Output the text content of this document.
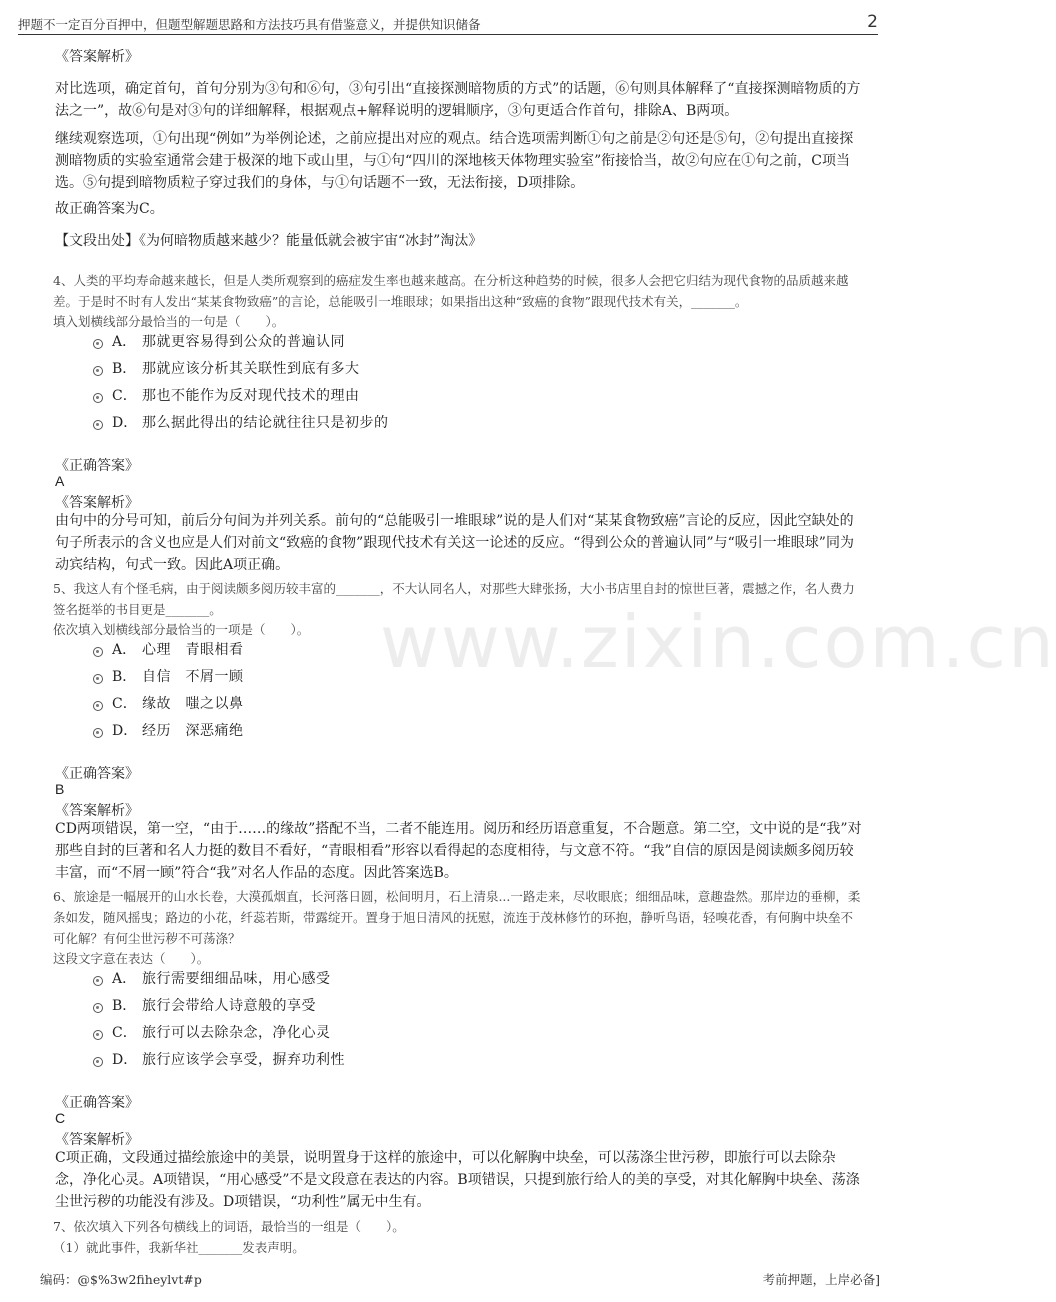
押题不一定百分百押中，但题型解题思路和方法技巧具有借鉴意义，并提供知识储备	2
www.zixin.com.cn
《答案解析》

对比选项，确定首句，首句分别为③句和⑥句，③句引出“直接探测暗物质的方式”的话题，⑥句则具体解释了“直接探测暗物质的方法之一”，故⑥句是对③句的详细解释，根据观点+解释说明的逻辑顺序，③句更适合作首句，排除A、B两项。

继续观察选项，①句出现“例如”为举例论述，之前应提出对应的观点。结合选项需判断①句之前是②句还是⑤句，②句提出直接探测暗物质的实验室通常会建于极深的地下或山里，与①句“四川的深地核天体物理实验室”衔接恰当，故②句应在①句之前，C项当选。⑤句提到暗物质粒子穿过我们的身体，与①句话题不一致，无法衔接，D项排除。

故正确答案为C。
【文段出处】《为何暗物质越来越少？能量低就会被宇宙“冰封”淘汰》

4、人类的平均寿命越来越长，但是人类所观察到的癌症发生率也越来越高。在分析这种趋势的时候，很多人会把它归结为现代食物的品质越来越差。于是时不时有人发出“某某食物致癌”的言论，总能吸引一堆眼球；如果指出这种“致癌的食物”跟现代技术有关，_______。

填入划横线部分最恰当的一句是（　　）。
A． 那就更容易得到公众的普遍认同
B． 那就应该分析其关联性到底有多大
C． 那也不能作为反对现代技术的理由
D． 那么据此得出的结论就往往只是初步的
《正确答案》
A
《答案解析》

由句中的分号可知，前后分句间为并列关系。前句的“总能吸引一堆眼球”说的是人们对“某某食物致癌”言论的反应，因此空缺处的句子所表示的含义也应是人们对前文“致癌的食物”跟现代技术有关这一论述的反应。“得到公众的普遍认同”与“吸引一堆眼球”同为动宾结构，句式一致。因此A项正确。

5、我这人有个怪毛病，由于阅读颇多阅历较丰富的_______，不大认同名人，对那些大肆张扬，大小书店里自封的惊世巨著，震撼之作，名人费力签名挺举的书目更是_______。

依次填入划横线部分最恰当的一项是（　　）。
A． 心理　青眼相看
B． 自信　不屑一顾
C． 缘故　嗤之以鼻
D． 经历　深恶痛绝
《正确答案》
B
《答案解析》

CD两项错误，第一空，“由于……的缘故”搭配不当，二者不能连用。阅历和经历语意重复，不合题意。第二空，文中说的是“我”对那些自封的巨著和名人力挺的数目不看好，“青眼相看”形容以看得起的态度相待，与文意不符。“我”自信的原因是阅读颇多阅历较丰富，而“不屑一顾”符合“我”对名人作品的态度。因此答案选B。

6、旅途是一幅展开的山水长卷，大漠孤烟直，长河落日圆，松间明月，石上清泉...一路走来，尽收眼底；细细品味，意趣盎然。那岸边的垂柳，柔条如发，随风摇曳；路边的小花，纤蕊若斯，带露绽开。置身于旭日清风的抚慰，流连于茂林修竹的环抱，静听鸟语，轻嗅花香，有何胸中块垒不可化解？有何尘世污秽不可荡涤？

这段文字意在表达（　　）。
A． 旅行需要细细品味，用心感受
B． 旅行会带给人诗意般的享受
C． 旅行可以去除杂念，净化心灵
D． 旅行应该学会享受，摒弃功利性
《正确答案》
C
《答案解析》

C项正确，文段通过描绘旅途中的美景，说明置身于这样的旅途中，可以化解胸中块垒，可以荡涤尘世污秽，即旅行可以去除杂念，净化心灵。A项错误，“用心感受”不是文段意在表达的内容。B项错误，只提到旅行给人的美的享受，对其化解胸中块垒、荡涤尘世污秽的功能没有涉及。D项错误，“功利性”属无中生有。

7、依次填入下列各句横线上的词语，最恰当的一组是（　　）。
（1）就此事件，我新华社_______发表声明。
编码：@$%3w2fiheylvt#p	考前押题，上岸必备]
